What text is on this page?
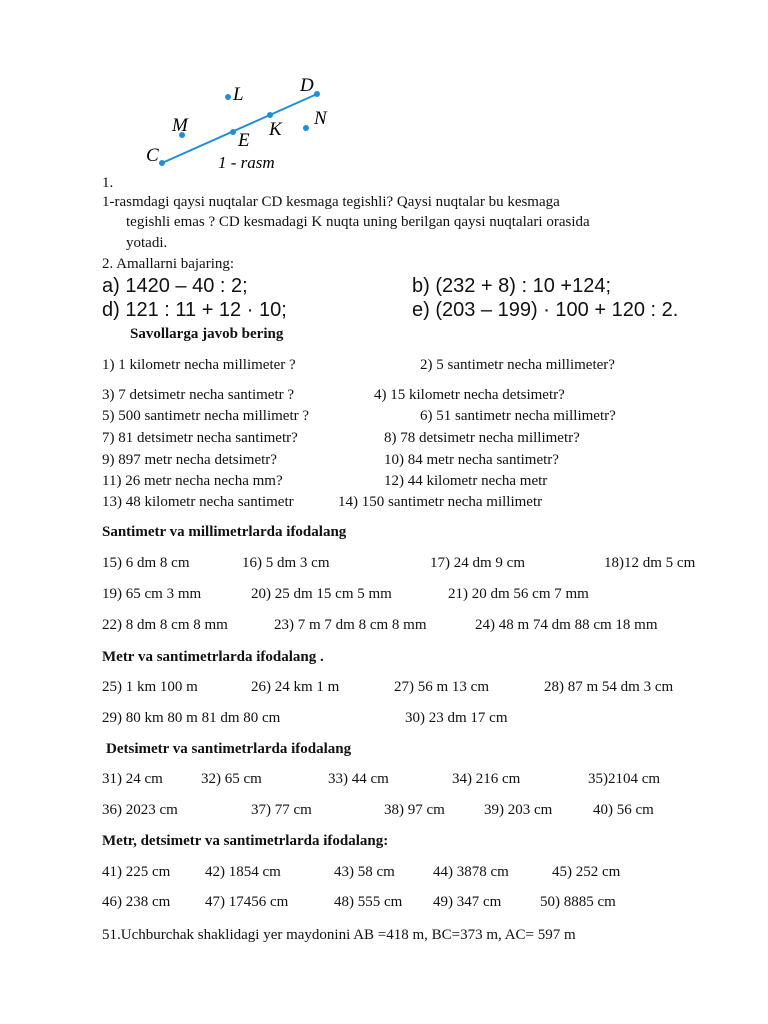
C
D
E
K
L
M	N
1 - rasm
1.
1-rasmdagi qaysi nuqtalar CD kesmaga tegishli? Qaysi nuqtalar bu kesmaga
tegishli emas ? CD kesmadagi K nuqta uning berilgan qaysi nuqtalari orasida
yotadi.
2. Amallarni bajaring:
a) 1420 – 40 : 2;	b) (232 + 8) : 10 +124;
d) 121 : 11 + 12 · 10;	e) (203 – 199) · 100 + 120 : 2.
Savollarga javob bering
1) 1 kilometr necha millimeter ?	2) 5 santimetr necha millimeter?
3) 7 detsimetr necha santimetr ?	4) 15 kilometr necha detsimetr?
5) 500 santimetr necha millimetr ?	6) 51 santimetr necha millimetr?
7) 81 detsimetr necha santimetr?	8) 78 detsimetr necha millimetr?
9) 897 metr necha detsimetr?	10) 84 metr necha santimetr?
11) 26 metr necha necha mm?	12) 44 kilometr necha metr
13) 48 kilometr necha santimetr	14) 150 santimetr necha millimetr
Santimetr va millimetrlarda ifodalang
15) 6 dm 8 cm	16) 5 dm 3 cm	17) 24 dm 9 cm	18)12 dm 5 cm
19) 65 cm 3 mm	20) 25 dm 15 cm 5 mm	21) 20 dm 56 cm 7 mm
22) 8 dm 8 cm 8 mm	23) 7 m 7 dm 8 cm 8 mm	24) 48 m 74 dm 88 cm 18 mm
Metr va santimetrlarda ifodalang .
25) 1 km 100 m	26) 24 km 1 m	27) 56 m 13 cm	28) 87 m 54 dm 3 cm
29) 80 km 80 m 81 dm 80 cm	30) 23 dm 17 cm
Detsimetr va santimetrlarda ifodalang
31) 24 cm	32) 65 cm	33) 44 cm	34) 216 cm	35)2104 cm
36) 2023 cm	37) 77 cm	38) 97 cm	39) 203 cm	40) 56 cm
Metr, detsimetr va santimetrlarda ifodalang:
41) 225 cm 42) 1854 cm	43) 58 cm	44) 3878 cm	45) 252 cm
46) 238 cm 47) 17456 cm	48) 555 cm 49) 347 cm	50) 8885 cm
51.Uchburchak shaklidagi yer maydonini AB =418 m, BC=373 m, AC= 597 m
